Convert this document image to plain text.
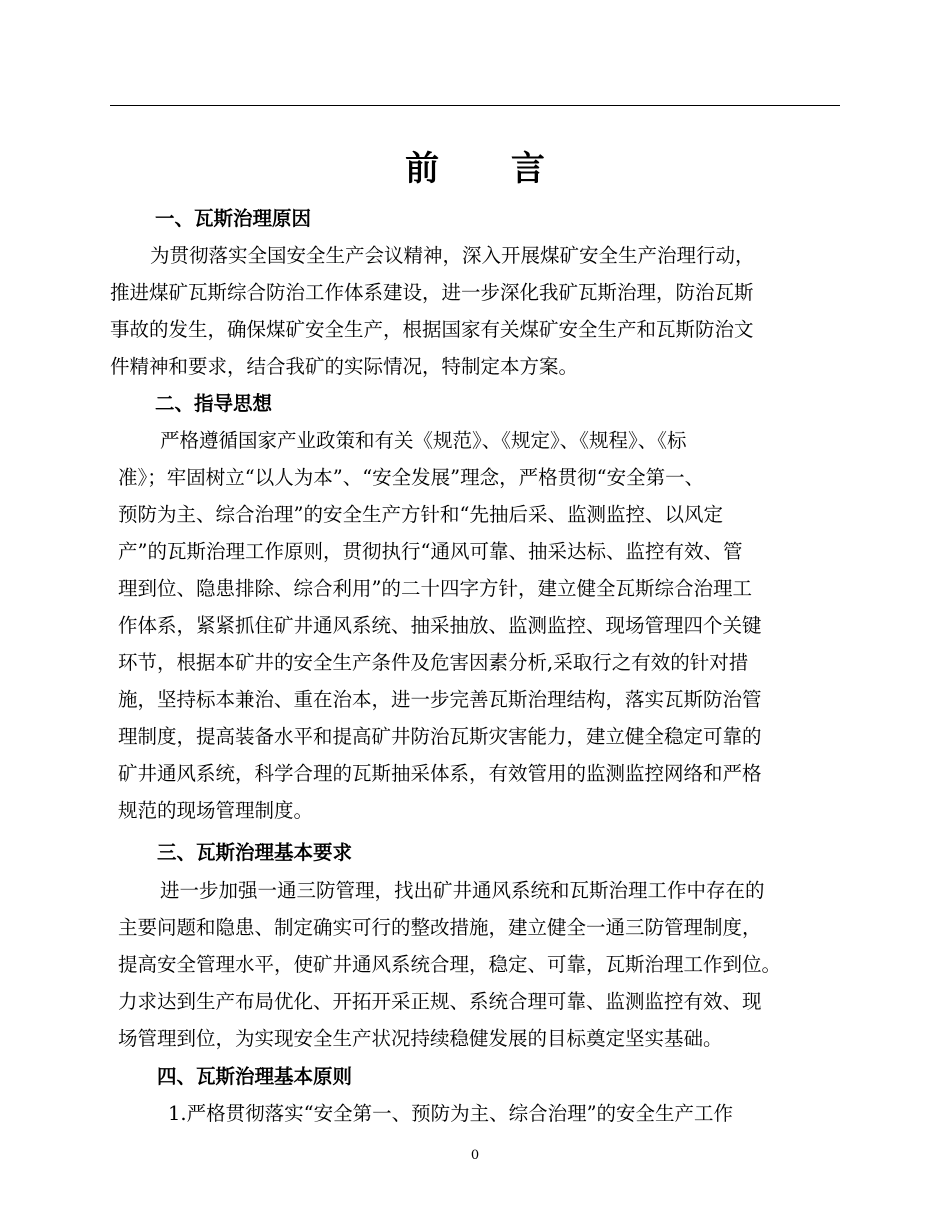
前 言
一、瓦斯治理原因
为贯彻落实全国安全生产会议精神，深入开展煤矿安全生产治理行动，
推进煤矿瓦斯综合防治工作体系建设，进一步深化我矿瓦斯治理，防治瓦斯
事故的发生，确保煤矿安全生产，根据国家有关煤矿安全生产和瓦斯防治文
件精神和要求，结合我矿的实际情况，特制定本方案。
二、指导思想
严格遵循国家产业政策和有关《规范》、《规定》、《规程》、《标
准》；牢固树立“以人为本”、“安全发展”理念，严格贯彻“安全第一、
预防为主、综合治理”的安全生产方针和“先抽后采、监测监控、以风定
产”的瓦斯治理工作原则，贯彻执行“通风可靠、抽采达标、监控有效、管
理到位、隐患排除、综合利用”的二十四字方针，建立健全瓦斯综合治理工
作体系，紧紧抓住矿井通风系统、抽采抽放、监测监控、现场管理四个关键
环节，根据本矿井的安全生产条件及危害因素分析,采取行之有效的针对措
施，坚持标本兼治、重在治本，进一步完善瓦斯治理结构，落实瓦斯防治管
理制度，提高装备水平和提高矿井防治瓦斯灾害能力，建立健全稳定可靠的
矿井通风系统，科学合理的瓦斯抽采体系，有效管用的监测监控网络和严格
规范的现场管理制度。
三、瓦斯治理基本要求
进一步加强一通三防管理，找出矿井通风系统和瓦斯治理工作中存在的
主要问题和隐患、制定确实可行的整改措施，建立健全一通三防管理制度，
提高安全管理水平，使矿井通风系统合理，稳定、可靠，瓦斯治理工作到位。
力求达到生产布局优化、开拓开采正规、系统合理可靠、监测监控有效、现
场管理到位，为实现安全生产状况持续稳健发展的目标奠定坚实基础。
四、瓦斯治理基本原则
1.严格贯彻落实“安全第一、预防为主、综合治理”的安全生产工作
0
